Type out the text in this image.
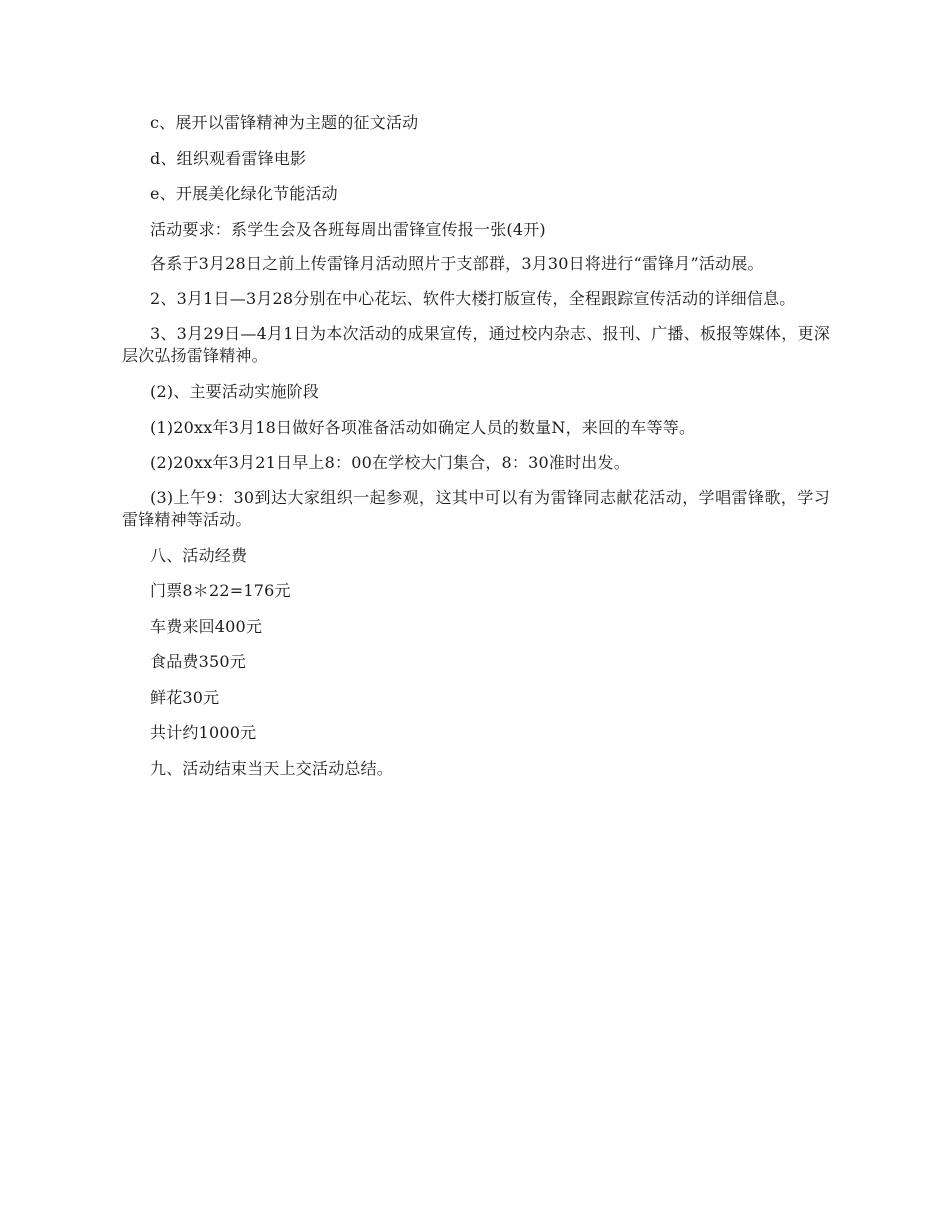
c、展开以雷锋精神为主题的征文活动

d、组织观看雷锋电影

e、开展美化绿化节能活动

活动要求：系学生会及各班每周出雷锋宣传报一张(4开)

各系于3月28日之前上传雷锋月活动照片于支部群，3月30日将进行“雷锋月”活动展。

2、3月1日—3月28分别在中心花坛、软件大楼打版宣传，全程跟踪宣传活动的详细信息。

3、3月29日—4月1日为本次活动的成果宣传，通过校内杂志、报刊、广播、板报等媒体，更深层次弘扬雷锋精神。

(2)、主要活动实施阶段

(1)20xx年3月18日做好各项准备活动如确定人员的数量N，来回的车等等。

(2)20xx年3月21日早上8：00在学校大门集合，8：30准时出发。

(3)上午9：30到达大家组织一起参观，这其中可以有为雷锋同志献花活动，学唱雷锋歌，学习雷锋精神等活动。

八、活动经费

门票8＊22=176元

车费来回400元

食品费350元

鲜花30元

共计约1000元

九、活动结束当天上交活动总结。
